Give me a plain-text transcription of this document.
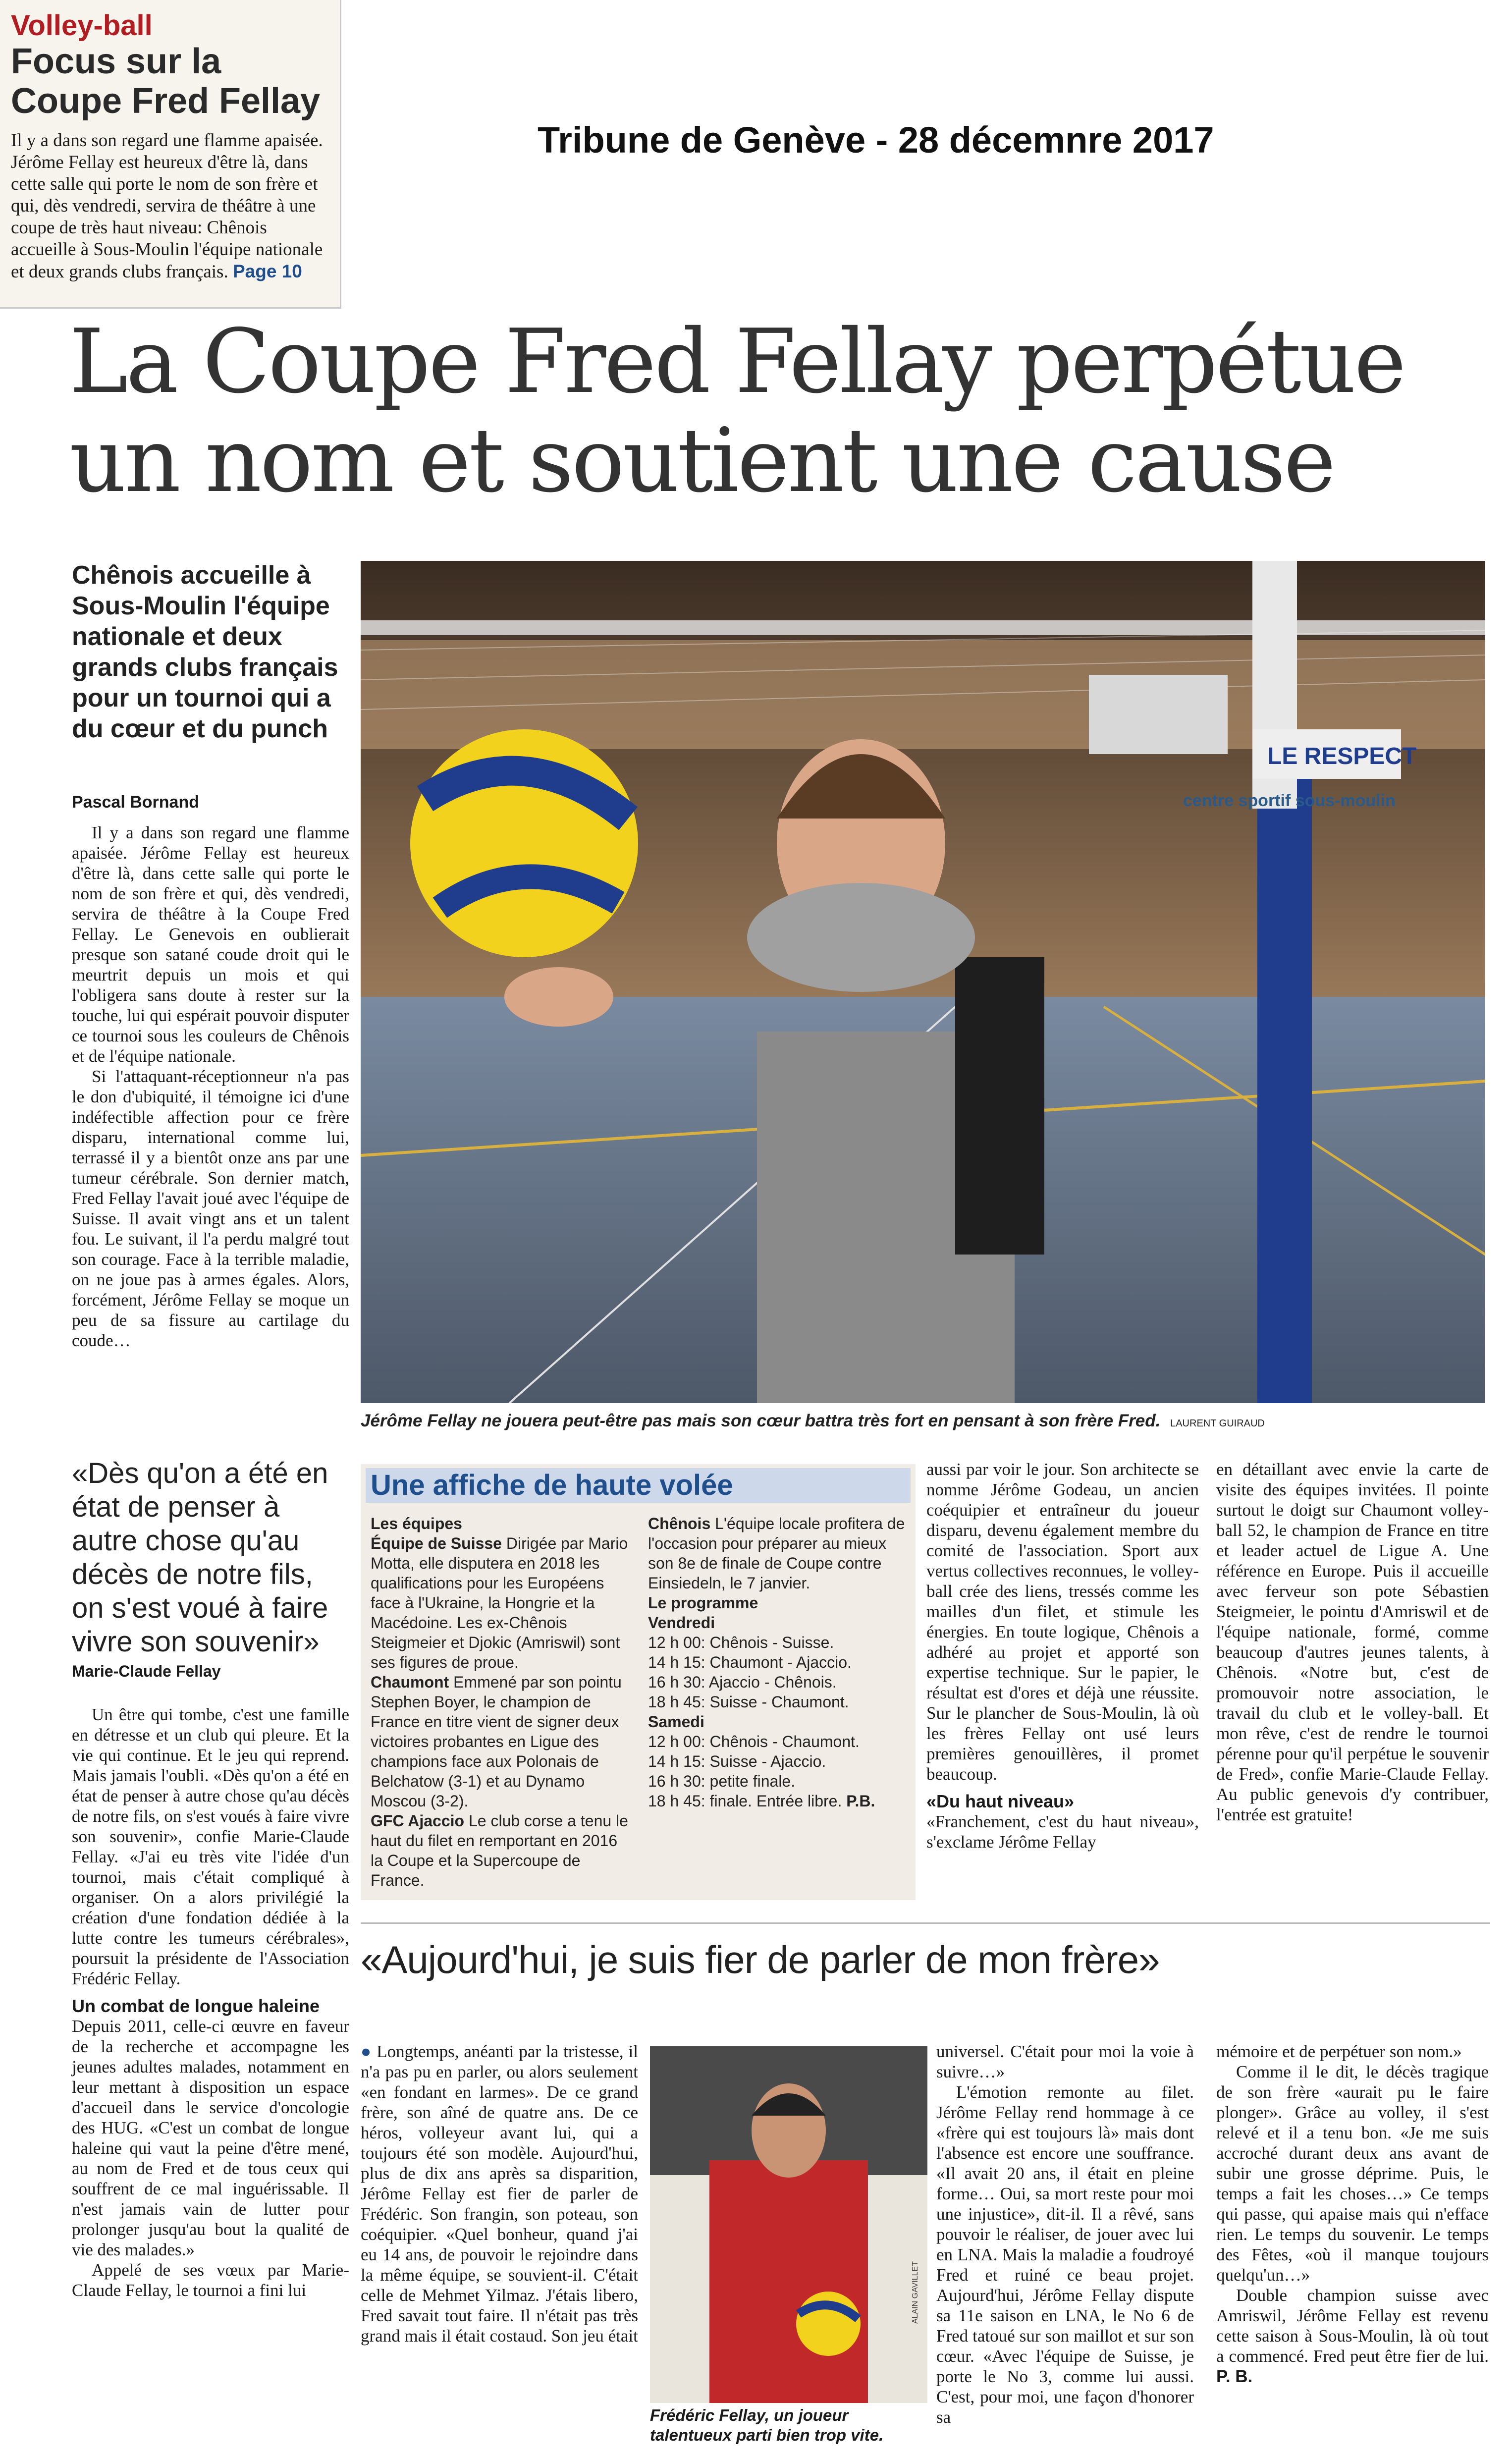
Volley-ball
Focus sur la Coupe Fred Fellay
Il y a dans son regard une flamme apaisée. Jérôme Fellay est heureux d'être là, dans cette salle qui porte le nom de son frère et qui, dès vendredi, servira de théâtre à une coupe de très haut niveau: Chênois accueille à Sous-Moulin l'équipe nationale et deux grands clubs français. Page 10
Tribune de Genève - 28 décemnre 2017
La Coupe Fred Fellay perpétue un nom et soutient une cause
Chênois accueille à Sous-Moulin l'équipe nationale et deux grands clubs français pour un tournoi qui a du cœur et du punch
Pascal Bornand

Il y a dans son regard une flamme apaisée. Jérôme Fellay est heureux d'être là, dans cette salle qui porte le nom de son frère et qui, dès vendredi, servira de théâtre à la Coupe Fred Fellay. Le Genevois en oublierait presque son satané coude droit qui le meurtrit depuis un mois et qui l'obligera sans doute à rester sur la touche, lui qui espérait pouvoir disputer ce tournoi sous les couleurs de Chênois et de l'équipe nationale.

Si l'attaquant-réceptionneur n'a pas le don d'ubiquité, il témoigne ici d'une indéfectible affection pour ce frère disparu, international comme lui, terrassé il y a bientôt onze ans par une tumeur cérébrale. Son dernier match, Fred Fellay l'avait joué avec l'équipe de Suisse. Il avait vingt ans et un talent fou. Le suivant, il l'a perdu malgré tout son courage. Face à la terrible maladie, on ne joue pas à armes égales. Alors, forcément, Jérôme Fellay se moque un peu de sa fissure au cartilage du coude…

centre sportif sous-moulin
LE RESPECT
Jérôme Fellay ne jouera peut-être pas mais son cœur battra très fort en pensant à son frère Fred. LAURENT GUIRAUD
«Dès qu'on a été en état de penser à autre chose qu'au décès de notre fils, on s'est voué à faire vivre son souvenir»
Marie-Claude Fellay

Un être qui tombe, c'est une famille en détresse et un club qui pleure. Et la vie qui continue. Et le jeu qui reprend. Mais jamais l'oubli. «Dès qu'on a été en état de penser à autre chose qu'au décès de notre fils, on s'est voués à faire vivre son souvenir», confie Marie-Claude Fellay. «J'ai eu très vite l'idée d'un tournoi, mais c'était compliqué à organiser. On a alors privilégié la création d'une fondation dédiée à la lutte contre les tumeurs cérébrales», poursuit la présidente de l'Association Frédéric Fellay.

Un combat de longue haleine

Depuis 2011, celle-ci œuvre en faveur de la recherche et accompagne les jeunes adultes malades, notamment en leur mettant à disposition un espace d'accueil dans le service d'oncologie des HUG. «C'est un combat de longue haleine qui vaut la peine d'être mené, au nom de Fred et de tous ceux qui souffrent de ce mal inguérissable. Il n'est jamais vain de lutter pour prolonger jusqu'au bout la qualité de vie des malades.»

Appelé de ses vœux par Marie-Claude Fellay, le tournoi a fini lui

Une affiche de haute volée
Les équipes
Équipe de Suisse Dirigée par Mario Motta, elle disputera en 2018 les qualifications pour les Européens face à l'Ukraine, la Hongrie et la Macédoine. Les ex-Chênois Steigmeier et Djokic (Amriswil) sont ses figures de proue.
Chaumont Emmené par son pointu Stephen Boyer, le champion de France en titre vient de signer deux victoires probantes en Ligue des champions face aux Polonais de Belchatow (3-1) et au Dynamo Moscou (3-2).
GFC Ajaccio Le club corse a tenu le haut du filet en remportant en 2016 la Coupe et la Supercoupe de France.
Chênois L'équipe locale profitera de l'occasion pour préparer au mieux son 8e de finale de Coupe contre Einsiedeln, le 7 janvier.
Le programme
Vendredi
12 h 00: Chênois - Suisse.
14 h 15: Chaumont - Ajaccio.
16 h 30: Ajaccio - Chênois.
18 h 45: Suisse - Chaumont.
Samedi
12 h 00: Chênois - Chaumont.
14 h 15: Suisse - Ajaccio.
16 h 30: petite finale.
18 h 45: finale. Entrée libre. P.B.

aussi par voir le jour. Son architecte se nomme Jérôme Godeau, un ancien coéquipier et entraîneur du joueur disparu, devenu également membre du comité de l'association. Sport aux vertus collectives reconnues, le volley-ball crée des liens, tressés comme les mailles d'un filet, et stimule les énergies. En toute logique, Chênois a adhéré au projet et apporté son expertise technique. Sur le papier, le résultat est d'ores et déjà une réussite. Sur le plancher de Sous-Moulin, là où les frères Fellay ont usé leurs premières genouillères, il promet beaucoup.

«Du haut niveau»

«Franchement, c'est du haut niveau», s'exclame Jérôme Fellay

en détaillant avec envie la carte de visite des équipes invitées. Il pointe surtout le doigt sur Chaumont volley-ball 52, le champion de France en titre et leader actuel de Ligue A. Une référence en Europe. Puis il accueille avec ferveur son pote Sébastien Steigmeier, le pointu d'Amriswil et de l'équipe nationale, formé, comme beaucoup d'autres jeunes talents, à Chênois. «Notre but, c'est de promouvoir notre association, le travail du club et le volley-ball. Et mon rêve, c'est de rendre le tournoi pérenne pour qu'il perpétue le souvenir de Fred», confie Marie-Claude Fellay. Au public genevois d'y contribuer, l'entrée est gratuite!

«Aujourd'hui, je suis fier de parler de mon frère»

● Longtemps, anéanti par la tristesse, il n'a pas pu en parler, ou alors seulement «en fondant en larmes». De ce grand frère, son aîné de quatre ans. De ce héros, volleyeur avant lui, qui a toujours été son modèle. Aujourd'hui, plus de dix ans après sa disparition, Jérôme Fellay est fier de parler de Frédéric. Son frangin, son poteau, son coéquipier. «Quel bonheur, quand j'ai eu 14 ans, de pouvoir le rejoindre dans la même équipe, se souvient-il. C'était celle de Mehmet Yilmaz. J'étais libero, Fred savait tout faire. Il n'était pas très grand mais il était costaud. Son jeu était

ALAIN GAVILLET
Frédéric Fellay, un joueur talentueux parti bien trop vite.

universel. C'était pour moi la voie à suivre…»

L'émotion remonte au filet. Jérôme Fellay rend hommage à ce «frère qui est toujours là» mais dont l'absence est encore une souffrance. «Il avait 20 ans, il était en pleine forme… Oui, sa mort reste pour moi une injustice», dit-il. Il a rêvé, sans pouvoir le réaliser, de jouer avec lui en LNA. Mais la maladie a foudroyé Fred et ruiné ce beau projet. Aujourd'hui, Jérôme Fellay dispute sa 11e saison en LNA, le No 6 de Fred tatoué sur son maillot et sur son cœur. «Avec l'équipe de Suisse, je porte le No 3, comme lui aussi. C'est, pour moi, une façon d'honorer sa

mémoire et de perpétuer son nom.»

Comme il le dit, le décès tragique de son frère «aurait pu le faire plonger». Grâce au volley, il s'est relevé et il a tenu bon. «Je me suis accroché durant deux ans avant de subir une grosse déprime. Puis, le temps a fait les choses…» Ce temps qui passe, qui apaise mais qui n'efface rien. Le temps du souvenir. Le temps des Fêtes, «où il manque toujours quelqu'un…»

Double champion suisse avec Amriswil, Jérôme Fellay est revenu cette saison à Sous-Moulin, là où tout a commencé. Fred peut être fier de lui. P. B.
